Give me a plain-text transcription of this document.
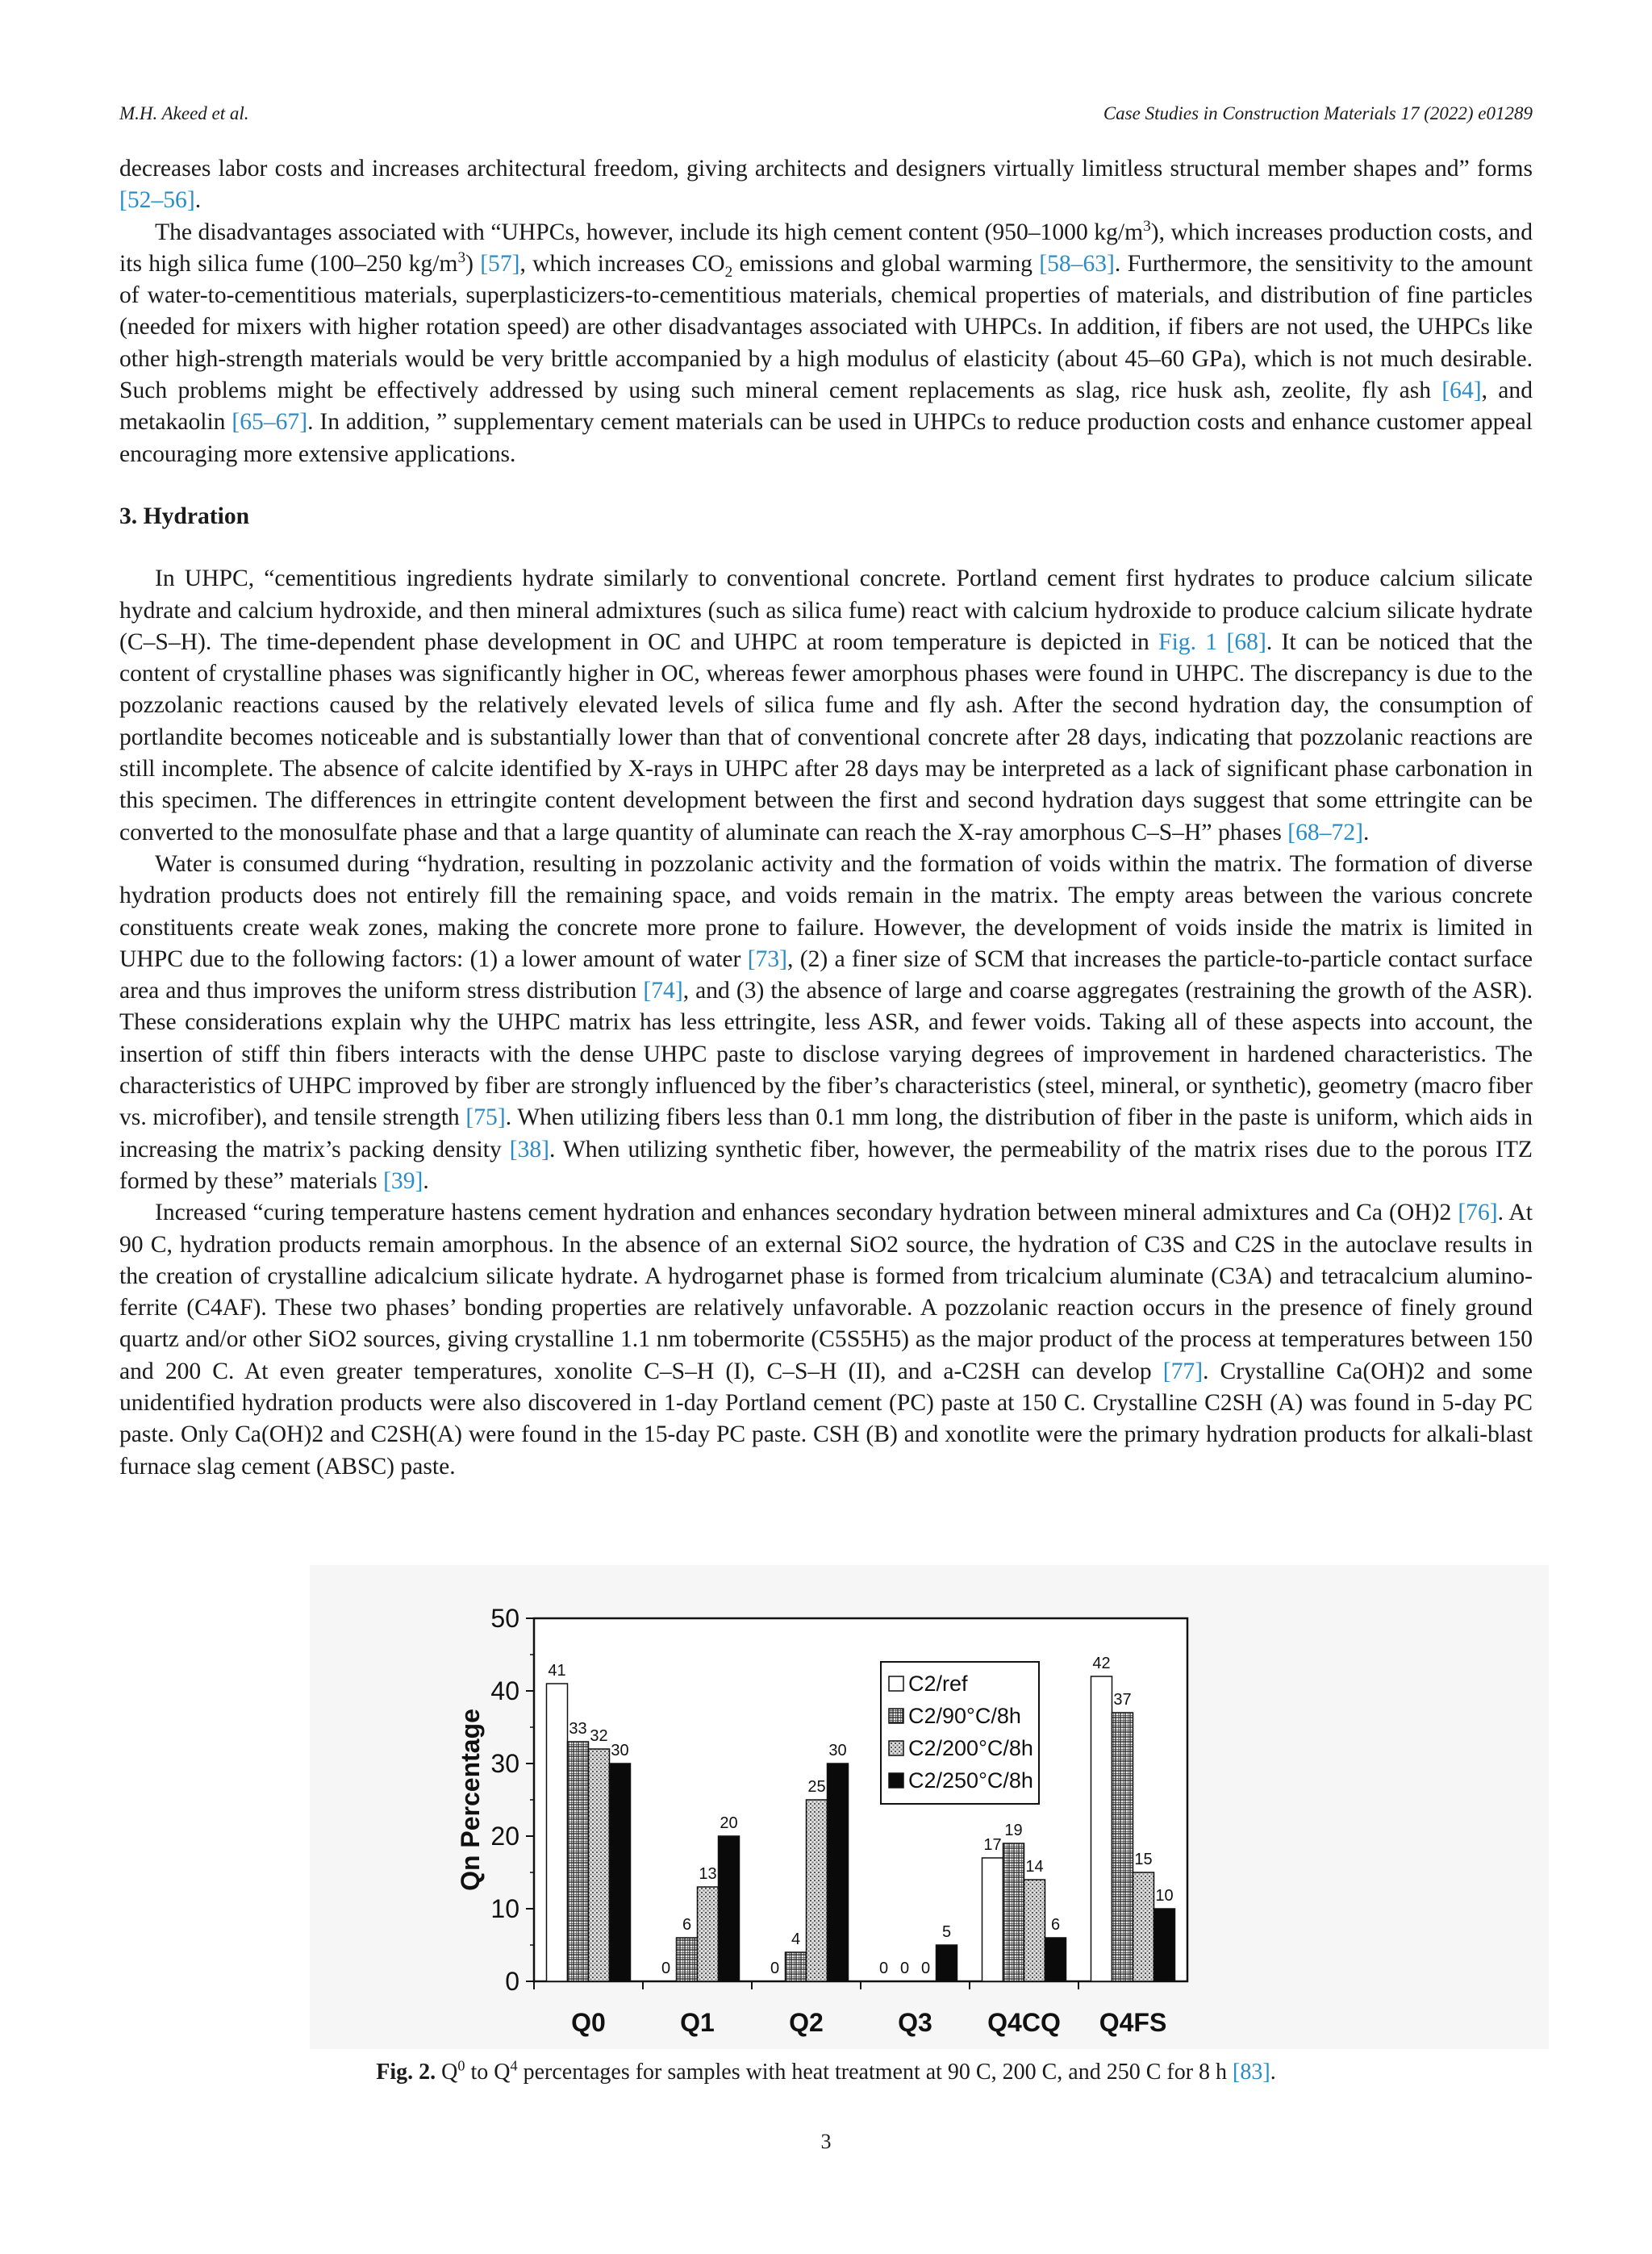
M.H. Akeed et al.	Case Studies in Construction Materials 17 (2022) e01289

decreases labor costs and increases architectural freedom, giving architects and designers virtually limitless structural member shapes and” forms [52–56].

The disadvantages associated with “UHPCs, however, include its high cement content (950–1000 $kg/m^3$), which increases production costs, and its high silica fume (100–250 $kg/m^3$) [57], which increases $CO_2$ emissions and global warming [58–63]. Furthermore, the sensitivity to the amount of water-to-cementitious materials, superplasticizers-to-cementitious materials, chemical properties of materials, and distribution of fine particles (needed for mixers with higher rotation speed) are other disadvantages associated with UHPCs. In addition, if fibers are not used, the UHPCs like other high-strength materials would be very brittle accompanied by a high modulus of elasticity (about 45–60 GPa), which is not much desirable. Such problems might be effectively addressed by using such mineral cement replacements as slag, rice husk ash, zeolite, fly ash [64], and metakaolin [65–67]. In addition, ” supplementary cement materials can be used in UHPCs to reduce production costs and enhance customer appeal encouraging more extensive applications.

3. Hydration

In UHPC, “cementitious ingredients hydrate similarly to conventional concrete. Portland cement first hydrates to produce calcium silicate hydrate and calcium hydroxide, and then mineral admixtures (such as silica fume) react with calcium hydroxide to produce calcium silicate hydrate (C–S–H). The time-dependent phase development in OC and UHPC at room temperature is depicted in Fig. 1 [68]. It can be noticed that the content of crystalline phases was significantly higher in OC, whereas fewer amorphous phases were found in UHPC. The discrepancy is due to the pozzolanic reactions caused by the relatively elevated levels of silica fume and fly ash. After the second hydration day, the consumption of portlandite becomes noticeable and is substantially lower than that of conventional concrete after 28 days, indicating that pozzolanic reactions are still incomplete. The absence of calcite identified by X-rays in UHPC after 28 days may be interpreted as a lack of significant phase carbonation in this specimen. The differences in ettringite content development between the first and second hydration days suggest that some ettringite can be converted to the monosulfate phase and that a large quantity of aluminate can reach the X-ray amorphous C–S–H” phases [68–72].

Water is consumed during “hydration, resulting in pozzolanic activity and the formation of voids within the matrix. The formation of diverse hydration products does not entirely fill the remaining space, and voids remain in the matrix. The empty areas between the various concrete constituents create weak zones, making the concrete more prone to failure. However, the development of voids inside the matrix is limited in UHPC due to the following factors: (1) a lower amount of water [73], (2) a finer size of SCM that increases the particle-to-particle contact surface area and thus improves the uniform stress distribution [74], and (3) the absence of large and coarse aggregates (restraining the growth of the ASR). These considerations explain why the UHPC matrix has less ettringite, less ASR, and fewer voids. Taking all of these aspects into account, the insertion of stiff thin fibers interacts with the dense UHPC paste to disclose varying degrees of improvement in hardened characteristics. The characteristics of UHPC improved by fiber are strongly influenced by the fiber’s characteristics (steel, mineral, or synthetic), geometry (macro fiber vs. microfiber), and tensile strength [75]. When utilizing fibers less than 0.1 mm long, the distribution of fiber in the paste is uniform, which aids in increasing the matrix’s packing density [38]. When utilizing synthetic fiber, however, the permeability of the matrix rises due to the porous ITZ formed by these” materials [39].

Increased “curing temperature hastens cement hydration and enhances secondary hydration between mineral admixtures and Ca (OH)2 [76]. At 90 C, hydration products remain amorphous. In the absence of an external SiO2 source, the hydration of C3S and C2S in the autoclave results in the creation of crystalline adicalcium silicate hydrate. A hydrogarnet phase is formed from tricalcium aluminate (C3A) and tetracalcium alumino-ferrite (C4AF). These two phases’ bonding properties are relatively unfavorable. A pozzolanic reaction occurs in the presence of finely ground quartz and/or other SiO2 sources, giving crystalline 1.1 nm tobermorite (C5S5H5) as the major product of the process at temperatures between 150 and 200 C. At even greater temperatures, xonolite C–S–H (I), C–S–H (II), and a-C2SH can develop [77]. Crystalline Ca(OH)2 and some unidentified hydration products were also discovered in 1-day Portland cement (PC) paste at 150 C. Crystalline C2SH (A) was found in 5-day PC paste. Only Ca(OH)2 and C2SH(A) were found in the 15-day PC paste. CSH (B) and xonotlite were the primary hydration products for alkali-blast furnace slag cement (ABSC) paste.

0
10
20
30
40
50
Qn Percentage
Q0
41
33 32
30
Q1
0
6
13
20
Q2
0
4
25
30
Q3
0 0 0
5
Q4CQ
17
19
14
6
Q4FS
42
37
15
10
C2/ref
C2/90°C/8h
C2/200°C/8h
C2/250°C/8h
Fig. 2. $Q^0$ to $Q^4$ percentages for samples with heat treatment at 90 C, 200 C, and 250 C for 8 h [83].
3
